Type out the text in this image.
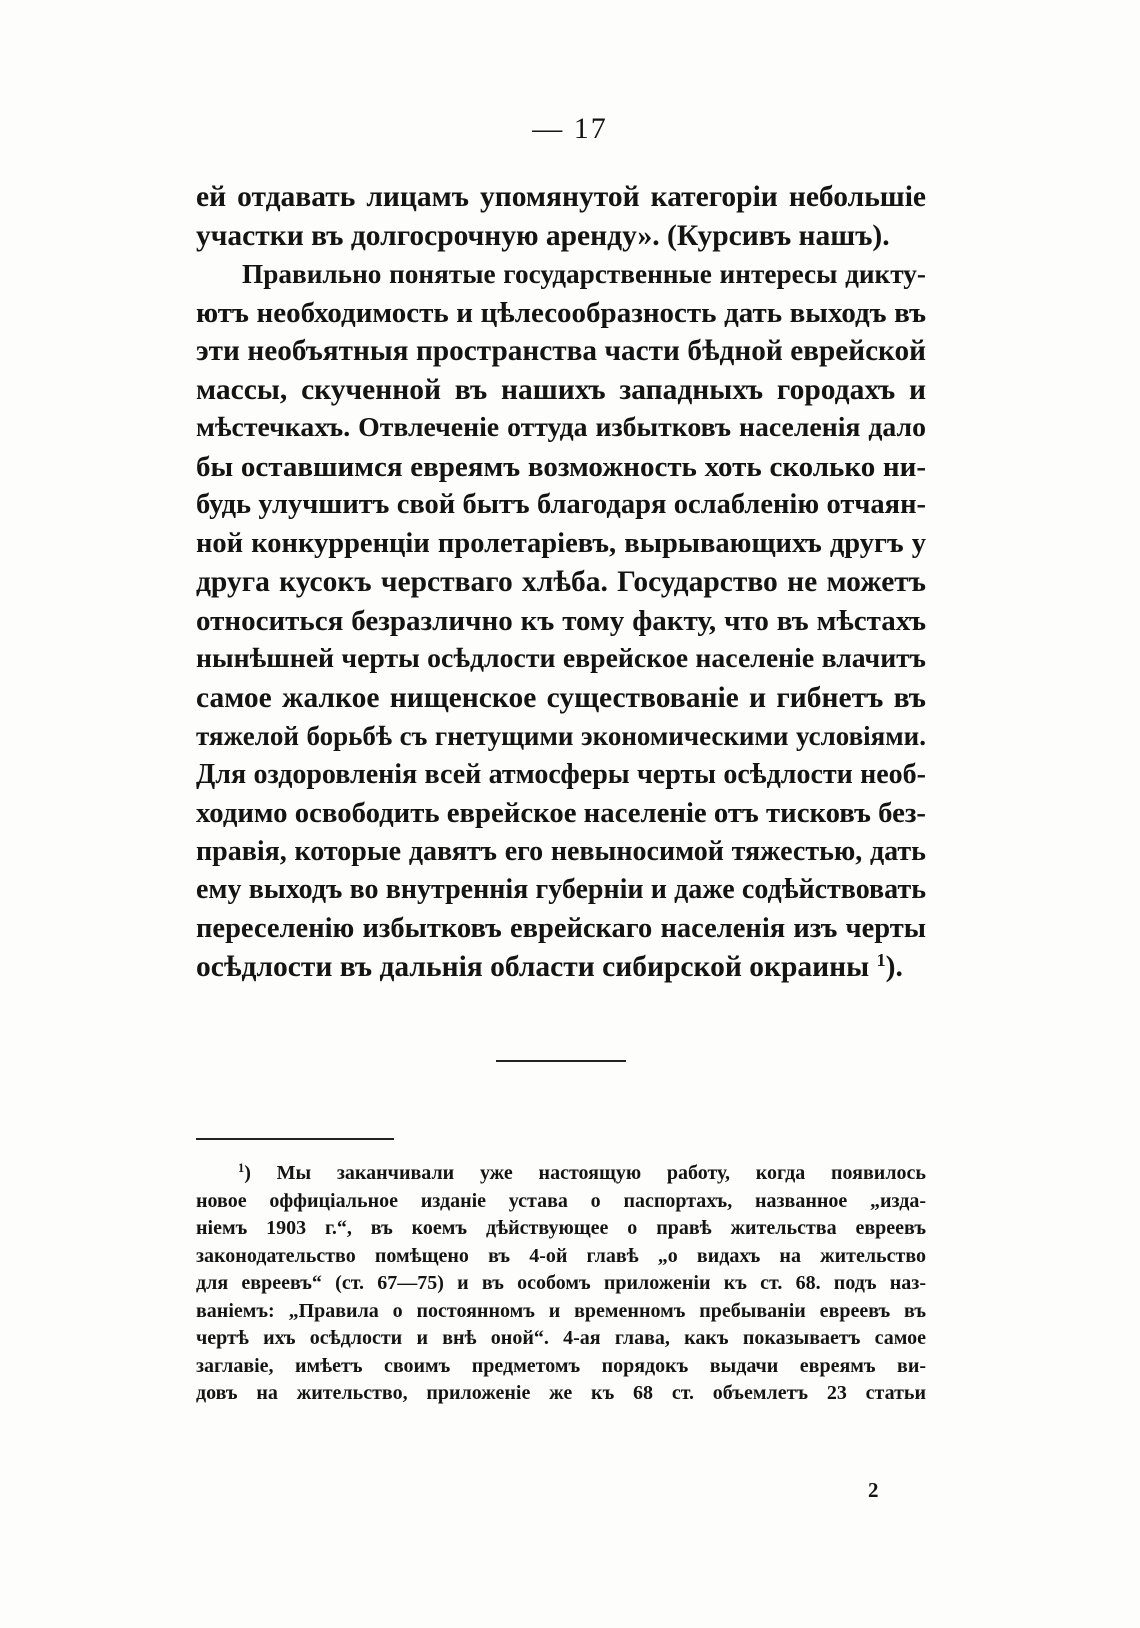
— 17
ей отдавать лицамъ упомянутой категоріи небольшіе
участки въ долгосрочную аренду». (Курсивъ нашъ).
Правильно понятые государственные интересы дикту-
ютъ необходимость и цѣлесообразность дать выходъ въ
эти необъятныя пространства части бѣдной еврейской
массы, скученной въ нашихъ западныхъ городахъ и
мѣстечкахъ. Отвлеченіе оттуда избытковъ населенія дало
бы оставшимся евреямъ возможность хоть сколько ни-
будь улучшитъ свой бытъ благодаря ослабленію отчаян-
ной конкурренціи пролетаріевъ, вырывающихъ другъ у
друга кусокъ черстваго хлѣба. Государство не можетъ
относиться безразлично къ тому факту, что въ мѣстахъ
нынѣшней черты осѣдлости еврейское населеніе влачитъ
самое жалкое нищенское существованіе и гибнетъ въ
тяжелой борьбѣ съ гнетущими экономическими условіями.
Для оздоровленія всей атмосферы черты осѣдлости необ-
ходимо освободить еврейское населеніе отъ тисковъ без-
правія, которые давятъ его невыносимой тяжестью, дать
ему выходъ во внутреннія губерніи и даже содѣйствовать
переселенію избытковъ еврейскаго населенія изъ черты
осѣдлости въ дальнія области сибирской окраины $^1$).
$^1$) Мы заканчивали уже настоящую работу, когда появилось
новое оффиціальное изданіе устава о паспортахъ, названное „изда-
ніемъ 1903 г.“, въ коемъ дѣйствующее о правѣ жительства евреевъ
законодательство помѣщено въ 4-ой главѣ „о видахъ на жительство
для евреевъ“ (ст. 67—75) и въ особомъ приложеніи къ ст. 68. подъ наз-
ваніемъ: „Правила о постоянномъ и временномъ пребываніи евреевъ въ
чертѣ ихъ осѣдлости и внѣ оной“. 4-ая глава, какъ показываетъ самое
заглавіе, имѣетъ своимъ предметомъ порядокъ выдачи евреямъ ви-
довъ на жительство, приложеніе же къ 68 ст. объемлетъ 23 статьи
2
